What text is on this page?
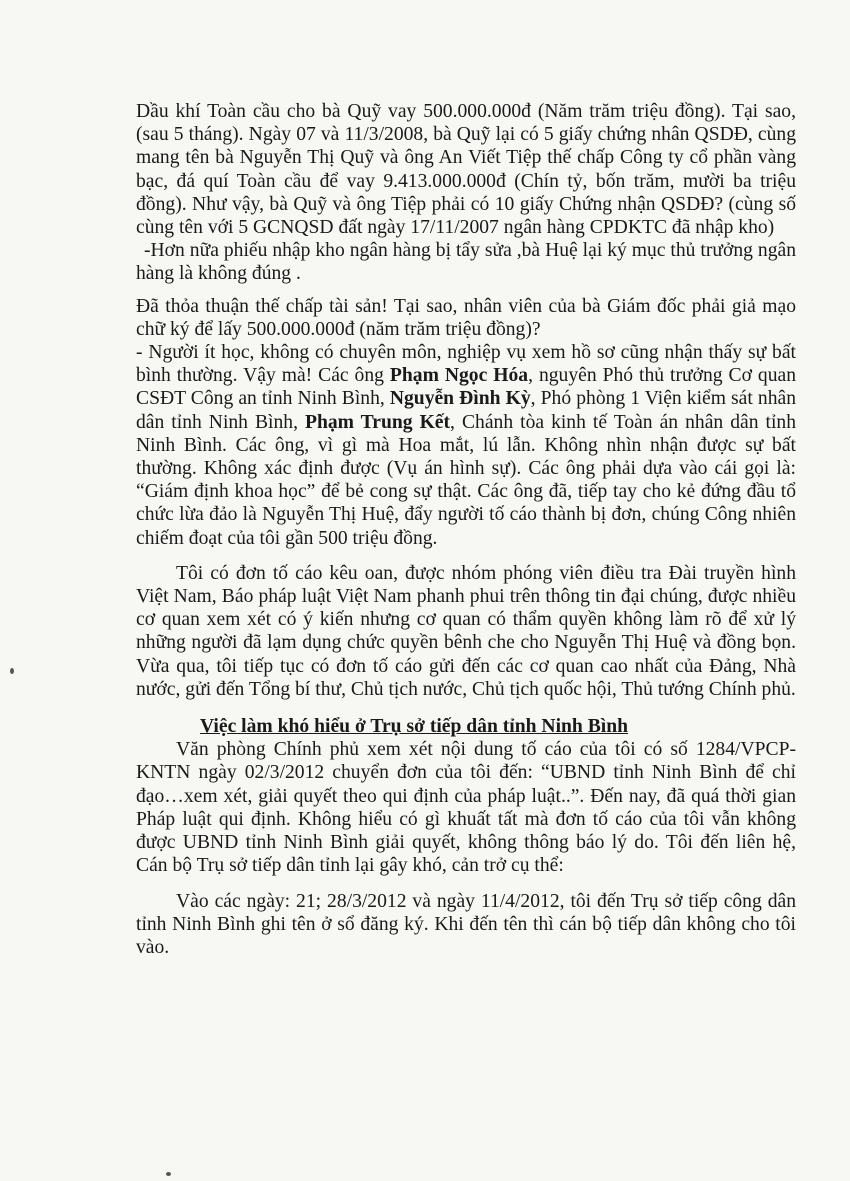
Dầu khí Toàn cầu cho bà Quỹ vay 500.000.000đ (Năm trăm triệu đồng). Tại sao, (sau 5 tháng). Ngày 07 và 11/3/2008, bà Quỹ lại có 5 giấy chứng nhân QSDĐ, cùng mang tên bà Nguyễn Thị Quỹ và ông An Viết Tiệp thế chấp Công ty cổ phần vàng bạc, đá quí Toàn cầu để vay 9.413.000.000đ (Chín tỷ, bốn trăm, mười ba triệu đồng). Như vậy, bà Quỹ và ông Tiệp phải có 10 giấy Chứng nhận QSDĐ? (cùng số cùng tên với 5 GCNQSD đất ngày 17/11/2007 ngân hàng CPDKTC đã nhập kho)

-Hơn nữa phiếu nhập kho ngân hàng bị tẩy sửa ,bà Huệ lại ký mục thủ trưởng ngân hàng là không đúng .

Đã thỏa thuận thế chấp tài sản! Tại sao, nhân viên của bà Giám đốc phải giả mạo chữ ký để lấy 500.000.000đ (năm trăm triệu đồng)?

- Người ít học, không có chuyên môn, nghiệp vụ xem hồ sơ cũng nhận thấy sự bất bình thường. Vậy mà! Các ông Phạm Ngọc Hóa, nguyên Phó thủ trưởng Cơ quan CSĐT Công an tỉnh Ninh Bình, Nguyễn Đình Kỳ, Phó phòng 1 Viện kiểm sát nhân dân tỉnh Ninh Bình, Phạm Trung Kết, Chánh tòa kinh tế Toàn án nhân dân tỉnh Ninh Bình. Các ông, vì gì mà Hoa mắt, lú lẫn. Không nhìn nhận được sự bất thường. Không xác định được (Vụ án hình sự). Các ông phải dựa vào cái gọi là: “Giám định khoa học” để bẻ cong sự thật. Các ông đã, tiếp tay cho kẻ đứng đầu tổ chức lừa đảo là Nguyễn Thị Huệ, đẩy người tố cáo thành bị đơn, chúng Công nhiên chiếm đoạt của tôi gần 500 triệu đồng.

Tôi có đơn tố cáo kêu oan, được nhóm phóng viên điều tra Đài truyền hình Việt Nam, Báo pháp luật Việt Nam phanh phui trên thông tin đại chúng, được nhiều cơ quan xem xét có ý kiến nhưng cơ quan có thẩm quyền không làm rõ để xử lý những người đã lạm dụng chức quyền bênh che cho Nguyễn Thị Huệ và đồng bọn. Vừa qua, tôi tiếp tục có đơn tố cáo gửi đến các cơ quan cao nhất của Đảng, Nhà nước, gửi đến Tổng bí thư, Chủ tịch nước, Chủ tịch quốc hội, Thủ tướng Chính phủ.

Việc làm khó hiểu ở Trụ sở tiếp dân tỉnh Ninh Bình

Văn phòng Chính phủ xem xét nội dung tố cáo của tôi có số 1284/VPCP-KNTN ngày 02/3/2012 chuyển đơn của tôi đến: “UBND tỉnh Ninh Bình để chỉ đạo…xem xét, giải quyết theo qui định của pháp luật..”. Đến nay, đã quá thời gian Pháp luật qui định. Không hiểu có gì khuất tất mà đơn tố cáo của tôi vẫn không được UBND tỉnh Ninh Bình giải quyết, không thông báo lý do. Tôi đến liên hệ, Cán bộ Trụ sở tiếp dân tỉnh lại gây khó, cản trở cụ thể:

Vào các ngày: 21; 28/3/2012 và ngày 11/4/2012, tôi đến Trụ sở tiếp công dân tỉnh Ninh Bình ghi tên ở sổ đăng ký. Khi đến tên thì cán bộ tiếp dân không cho tôi vào.
